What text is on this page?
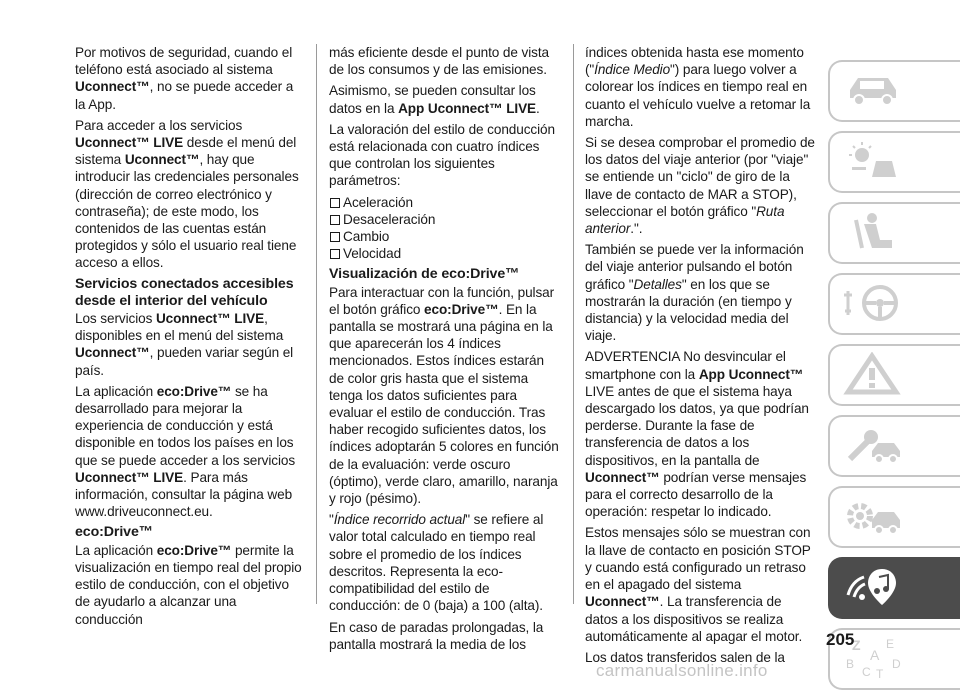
Por motivos de seguridad, cuando el teléfono está asociado al sistema Uconnect™, no se puede acceder a la App.

Para acceder a los servicios Uconnect™ LIVE desde el menú del sistema Uconnect™, hay que introducir las credenciales personales (dirección de correo electrónico y contraseña); de este modo, los contenidos de las cuentas están protegidos y sólo el usuario real tiene acceso a ellos.

Servicios conectados accesibles desde el interior del vehículo

Los servicios Uconnect™ LIVE, disponibles en el menú del sistema Uconnect™, pueden variar según el país.

La aplicación eco:Drive™ se ha desarrollado para mejorar la experiencia de conducción y está disponible en todos los países en los que se puede acceder a los servicios Uconnect™ LIVE. Para más información, consultar la página web www.driveuconnect.eu.

eco:Drive™

La aplicación eco:Drive™ permite la visualización en tiempo real del propio estilo de conducción, con el objetivo de ayudarlo a alcanzar una conducción

más eficiente desde el punto de vista de los consumos y de las emisiones.

Asimismo, se pueden consultar los datos en la App Uconnect™ LIVE.

La valoración del estilo de conducción está relacionada con cuatro índices que controlan los siguientes parámetros:

Aceleración
Desaceleración
Cambio
Velocidad
Visualización de eco:Drive™

Para interactuar con la función, pulsar el botón gráfico eco:Drive™. En la pantalla se mostrará una página en la que aparecerán los 4 índices mencionados. Estos índices estarán de color gris hasta que el sistema tenga los datos suficientes para evaluar el estilo de conducción. Tras haber recogido suficientes datos, los índices adoptarán 5 colores en función de la evaluación: verde oscuro (óptimo), verde claro, amarillo, naranja y rojo (pésimo).

"Índice recorrido actual" se refiere al valor total calculado en tiempo real sobre el promedio de los índices descritos. Representa la eco-compatibilidad del estilo de conducción: de 0 (baja) a 100 (alta).

En caso de paradas prolongadas, la pantalla mostrará la media de los

índices obtenida hasta ese momento ("Índice Medio") para luego volver a colorear los índices en tiempo real en cuanto el vehículo vuelve a retomar la marcha.

Si se desea comprobar el promedio de los datos del viaje anterior (por "viaje" se entiende un "ciclo" de giro de la llave de contacto de MAR a STOP), seleccionar el botón gráfico "Ruta anterior.".

También se puede ver la información del viaje anterior pulsando el botón gráfico "Detalles" en los que se mostrarán la duración (en tiempo y distancia) y la velocidad media del viaje.

ADVERTENCIA No desvincular el smartphone con la App Uconnect™ LIVE antes de que el sistema haya descargado los datos, ya que podrían perderse. Durante la fase de transferencia de datos a los dispositivos, en la pantalla de Uconnect™ podrían verse mensajes para el correcto desarrollo de la operación: respetar lo indicado.

Estos mensajes sólo se muestran con la llave de contacto en posición STOP y cuando está configurado un retraso en el apagado del sistema Uconnect™. La transferencia de datos a los dispositivos se realiza automáticamente al apagar el motor.

Los datos transferidos salen de la

Z E
A
B
C T
D
205
carmanualsonline.info
